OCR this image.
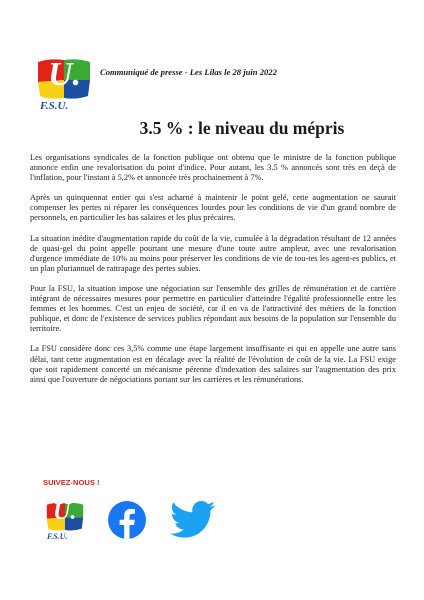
U.
F.S.U.
Communiqué de presse - Les Lilas le 28 juin 2022
3.5 % : le niveau du mépris

Les organisations syndicales de la fonction publique ont obtenu que le ministre de la fonction publique annonce enfin une revalorisation du point d'indice. Pour autant, les 3.5 % annoncés sont très en deçà de l'inflation, pour l'instant à 5,2% et annoncée très prochainement à 7%.

Après un quinquennat entier qui s'est acharné à maintenir le point gelé, cette augmentation ne saurait compenser les pertes ni réparer les conséquences lourdes pour les conditions de vie d'un grand nombre de personnels, en particulier les bas salaires et les plus précaires.

La situation inédite d'augmentation rapide du coût de la vie, cumulée à la dégradation résultant de 12 années de quasi-gel du point appelle pourtant une mesure d'une toute autre ampleur, avec une revalorisation d'urgence immédiate de 10% au moins pour préserver les conditions de vie de tou-tes les agent-es publics, et un plan pluriannuel de rattrapage des pertes subies.

Pour la FSU, la situation impose une négociation sur l'ensemble des grilles de rémunération et de carrière intégrant de nécessaires mesures pour permettre en particulier d'atteindre l'égalité professionnelle entre les femmes et les hommes. C'est un enjeu de société, car il en va de l'attractivité des métiers de la fonction publique, et donc de l'existence de services publics répondant aux besoins de la population sur l'ensemble du territoire.

La FSU considère donc ces 3,5% comme une étape largement insuffisante et qui en appelle une autre sans délai, tant cette augmentation est en décalage avec la réalité de l'évolution de coût de la vie. La FSU exige que soit rapidement concerté un mécanisme pérenne d'indexation des salaires sur l'augmentation des prix ainsi que l'ouverture de négociations portant sur les carrières et les rémunérations.

SUIVEZ-NOUS !
U.
F.S.U.
